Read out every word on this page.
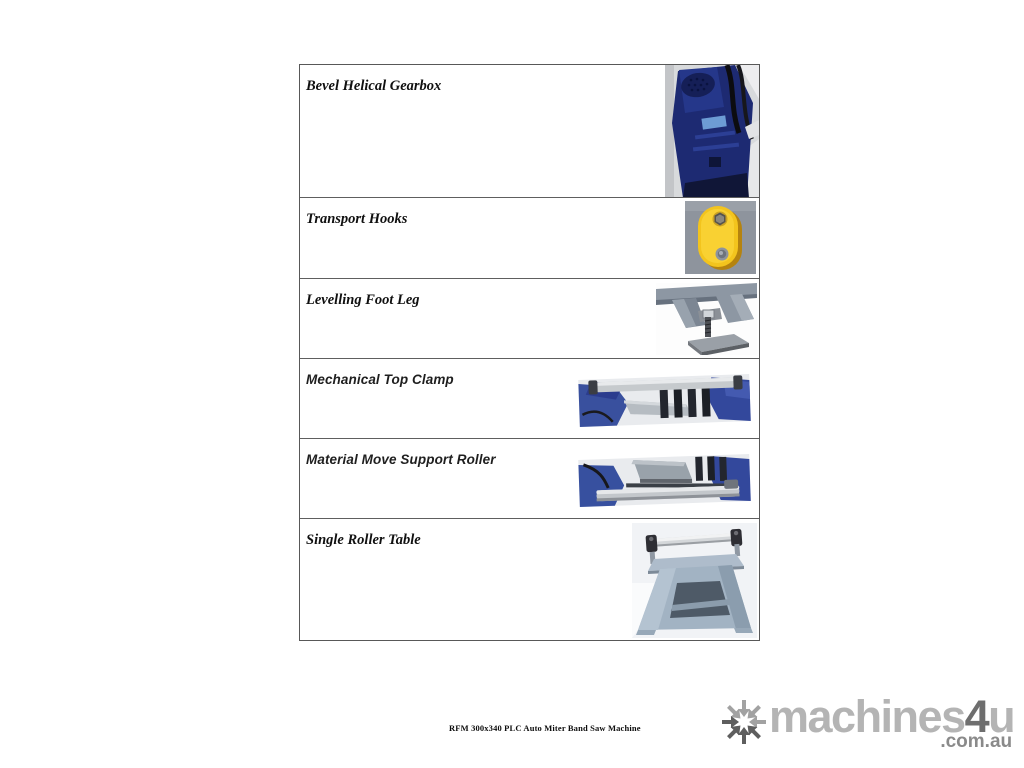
Bevel Helical Gearbox
Transport Hooks
Levelling Foot Leg
Mechanical Top Clamp
Material Move Support Roller
Single Roller Table
RFM 300x340 PLC Auto Miter Band Saw Machine	machines4u
.com.au
